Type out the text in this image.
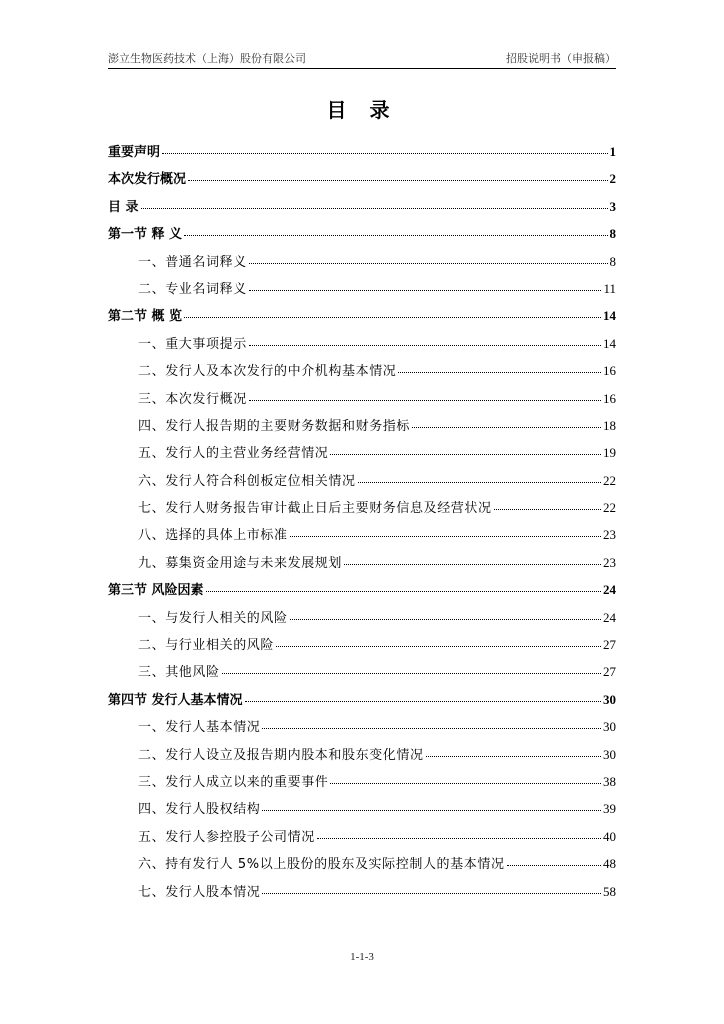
澎立生物医药技术（上海）股份有限公司	招股说明书（申报稿）
目 录
重要声明	1
本次发行概况	2
目 录	3
第一节 释 义	8
一、普通名词释义	8
二、专业名词释义	11
第二节 概 览	14
一、重大事项提示	14
二、发行人及本次发行的中介机构基本情况	16
三、本次发行概况	16
四、发行人报告期的主要财务数据和财务指标	18
五、发行人的主营业务经营情况	19
六、发行人符合科创板定位相关情况	22
七、发行人财务报告审计截止日后主要财务信息及经营状况	22
八、选择的具体上市标准	23
九、募集资金用途与未来发展规划	23
第三节 风险因素	24
一、与发行人相关的风险	24
二、与行业相关的风险	27
三、其他风险	27
第四节 发行人基本情况	30
一、发行人基本情况	30
二、发行人设立及报告期内股本和股东变化情况	30
三、发行人成立以来的重要事件	38
四、发行人股权结构	39
五、发行人参控股子公司情况	40
六、持有发行人 5%以上股份的股东及实际控制人的基本情况	48
七、发行人股本情况	58
1-1-3
